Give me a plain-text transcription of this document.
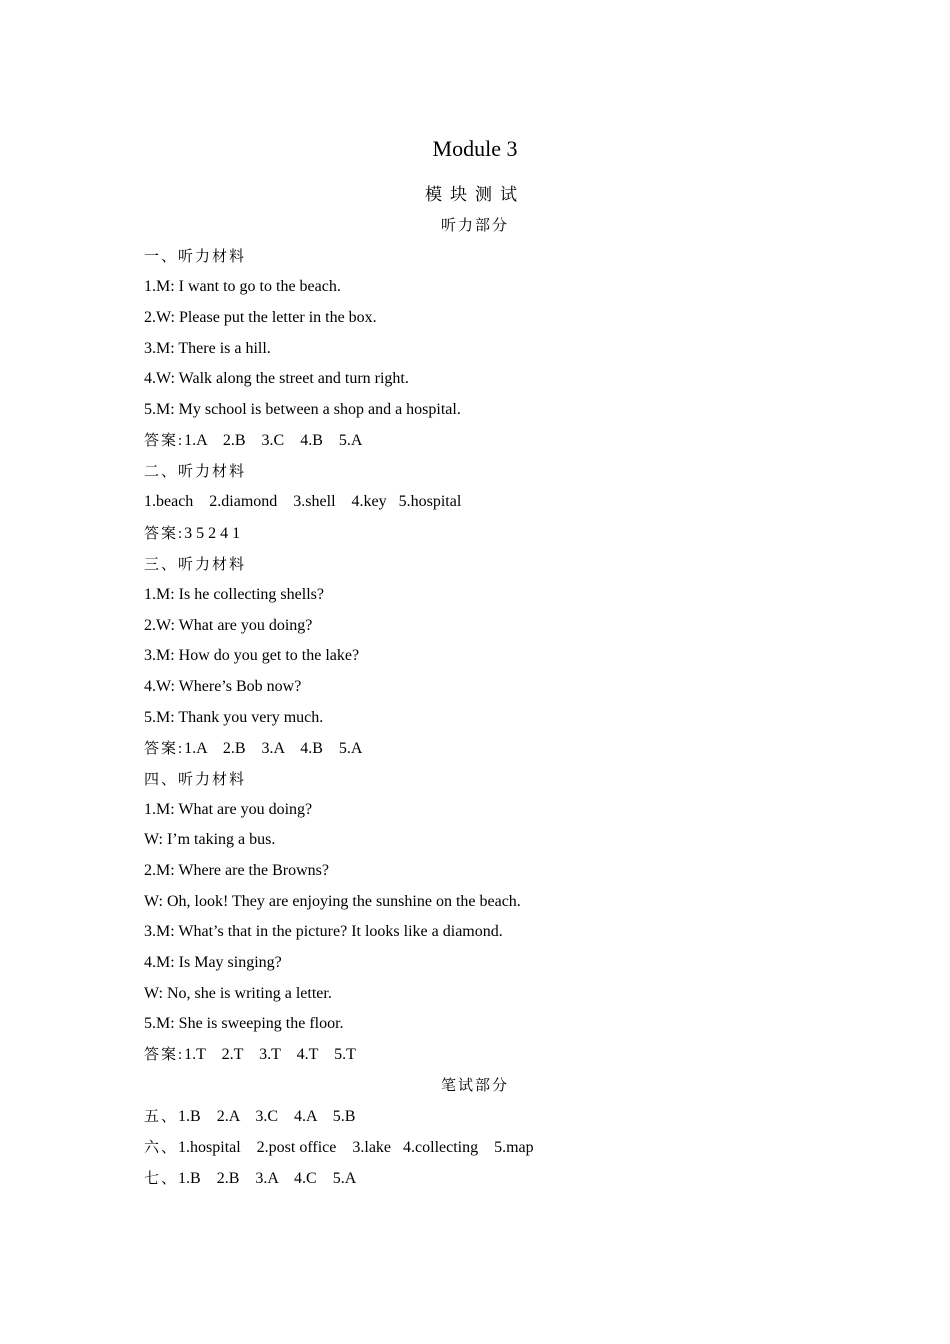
Module 3
模块测试
听力部分
一、听力材料
1.M: I want to go to the beach.
2.W: Please put the letter in the box.
3.M: There is a hill.
4.W: Walk along the street and turn right.
5.M: My school is between a shop and a hospital.
答案:1.A    2.B    3.C    4.B    5.A
二、听力材料
1.beach    2.diamond    3.shell    4.key   5.hospital
答案:3 5 2 4 1
三、听力材料
1.M: Is he collecting shells?
2.W: What are you doing?
3.M: How do you get to the lake?
4.W: Where’s Bob now?
5.M: Thank you very much.
答案:1.A    2.B    3.A    4.B    5.A
四、听力材料
1.M: What are you doing?
W: I’m taking a bus.
2.M: Where are the Browns?
W: Oh, look! They are enjoying the sunshine on the beach.
3.M: What’s that in the picture? It looks like a diamond.
4.M: Is May singing?
W: No, she is writing a letter.
5.M: She is sweeping the floor.
答案:1.T    2.T    3.T    4.T    5.T
笔试部分
五、1.B    2.A    3.C    4.A    5.B
六、1.hospital    2.post office    3.lake   4.collecting    5.map
七、1.B    2.B    3.A    4.C    5.A
